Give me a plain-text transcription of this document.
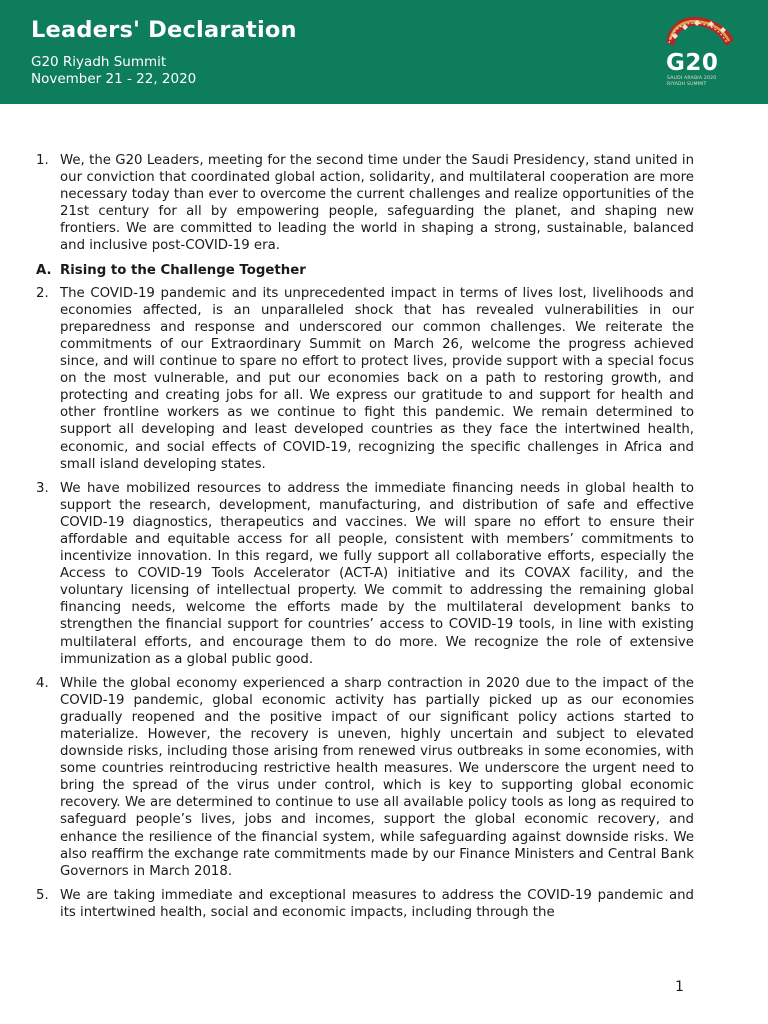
Leaders' Declaration
G20 Riyadh Summit
November 21 - 22, 2020
G20
SAUDI ARABIA 2020
RIYADH SUMMIT
1. We, the G20 Leaders, meeting for the second time under the Saudi Presidency, stand united in our conviction that coordinated global action, solidarity, and multilateral cooperation are more necessary today than ever to overcome the current challenges and realize opportunities of the 21st century for all by empowering people, safeguarding the planet, and shaping new frontiers. We are committed to leading the world in shaping a strong, sustainable, balanced and inclusive post-COVID-19 era.
A. Rising to the Challenge Together
2. The COVID-19 pandemic and its unprecedented impact in terms of lives lost, livelihoods and economies affected, is an unparalleled shock that has revealed vulnerabilities in our preparedness and response and underscored our common challenges. We reiterate the commitments of our Extraordinary Summit on March 26, welcome the progress achieved since, and will continue to spare no effort to protect lives, provide support with a special focus on the most vulnerable, and put our economies back on a path to restoring growth, and protecting and creating jobs for all. We express our gratitude to and support for health and other frontline workers as we continue to fight this pandemic. We remain determined to support all developing and least developed countries as they face the intertwined health, economic, and social effects of COVID-19, recognizing the specific challenges in Africa and small island developing states.
3. We have mobilized resources to address the immediate financing needs in global health to support the research, development, manufacturing, and distribution of safe and effective COVID-19 diagnostics, therapeutics and vaccines. We will spare no effort to ensure their affordable and equitable access for all people, consistent with members’ commitments to incentivize innovation. In this regard, we fully support all collaborative efforts, especially the Access to COVID-19 Tools Accelerator (ACT-A) initiative and its COVAX facility, and the voluntary licensing of intellectual property. We commit to addressing the remaining global financing needs, welcome the efforts made by the multilateral development banks to strengthen the financial support for countries’ access to COVID-19 tools, in line with existing multilateral efforts, and encourage them to do more. We recognize the role of extensive immunization as a global public good.
4. While the global economy experienced a sharp contraction in 2020 due to the impact of the COVID-19 pandemic, global economic activity has partially picked up as our economies gradually reopened and the positive impact of our significant policy actions started to materialize. However, the recovery is uneven, highly uncertain and subject to elevated downside risks, including those arising from renewed virus outbreaks in some economies, with some countries reintroducing restrictive health measures. We underscore the urgent need to bring the spread of the virus under control, which is key to supporting global economic recovery. We are determined to continue to use all available policy tools as long as required to safeguard people’s lives, jobs and incomes, support the global economic recovery, and enhance the resilience of the financial system, while safeguarding against downside risks. We also reaffirm the exchange rate commitments made by our Finance Ministers and Central Bank Governors in March 2018.
5. We are taking immediate and exceptional measures to address the COVID-19 pandemic and its intertwined health, social and economic impacts, including through the
1
